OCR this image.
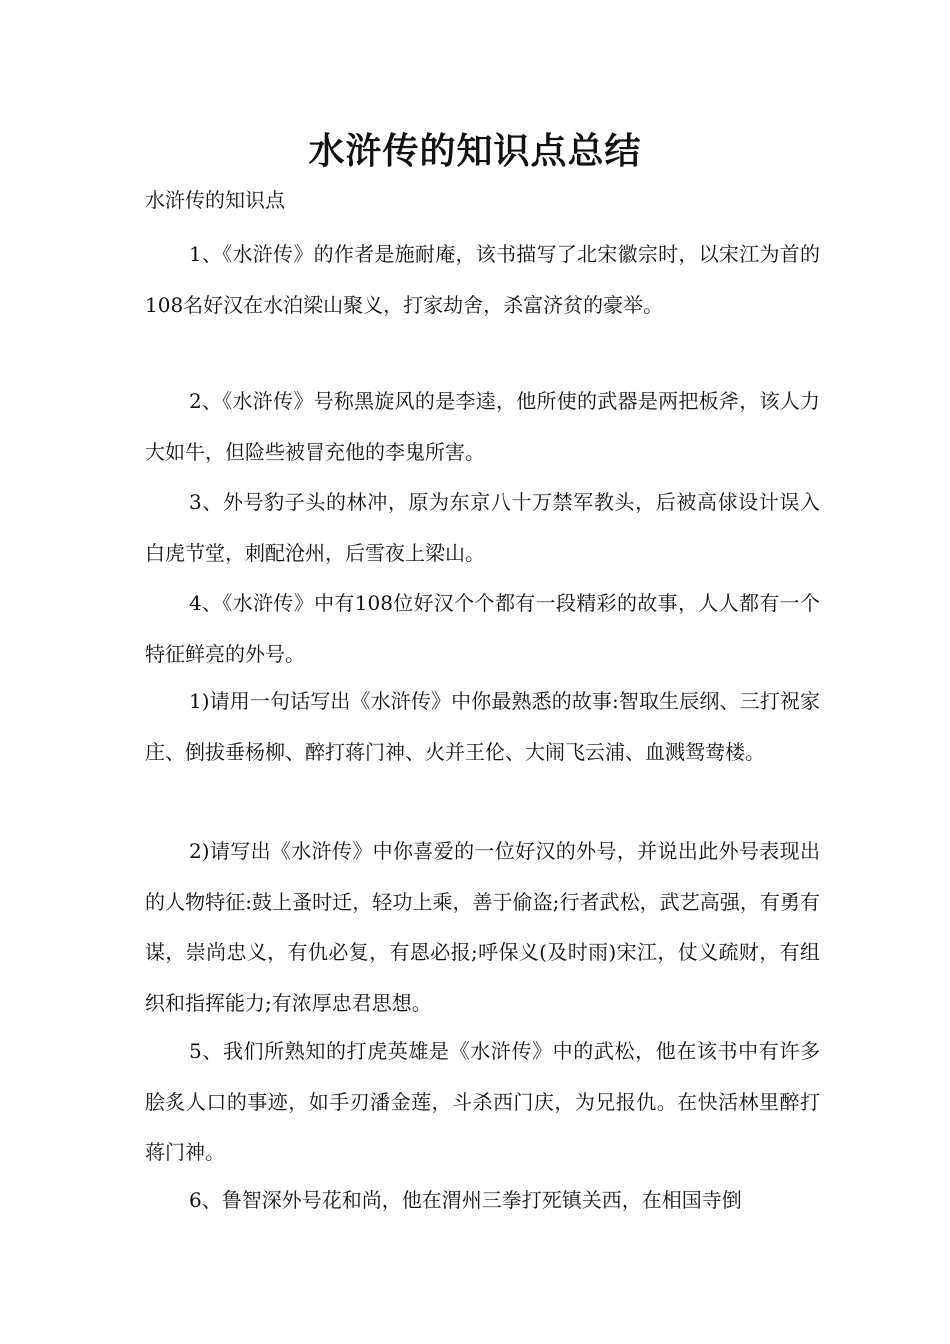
水浒传的知识点总结
水浒传的知识点

1、《水浒传》的作者是施耐庵，该书描写了北宋徽宗时，以宋江为首的108名好汉在水泊梁山聚义，打家劫舍，杀富济贫的豪举。

2、《水浒传》号称黑旋风的是李逵，他所使的武器是两把板斧，该人力大如牛，但险些被冒充他的李鬼所害。

3、外号豹子头的林冲，原为东京八十万禁军教头，后被高俅设计误入白虎节堂，刺配沧州，后雪夜上梁山。

4、《水浒传》中有108位好汉个个都有一段精彩的故事，人人都有一个特征鲜亮的外号。

1)请用一句话写出《水浒传》中你最熟悉的故事:智取生辰纲、三打祝家庄、倒拔垂杨柳、醉打蒋门神、火并王伦、大闹飞云浦、血溅鸳鸯楼。

2)请写出《水浒传》中你喜爱的一位好汉的外号，并说出此外号表现出的人物特征:鼓上蚤时迁，轻功上乘，善于偷盗;行者武松，武艺高强，有勇有谋，崇尚忠义，有仇必复，有恩必报;呼保义(及时雨)宋江，仗义疏财，有组织和指挥能力;有浓厚忠君思想。

5、我们所熟知的打虎英雄是《水浒传》中的武松，他在该书中有许多脍炙人口的事迹，如手刃潘金莲，斗杀西门庆，为兄报仇。在快活林里醉打蒋门神。

6、鲁智深外号花和尚，他在渭州三拳打死镇关西，在相国寺倒
